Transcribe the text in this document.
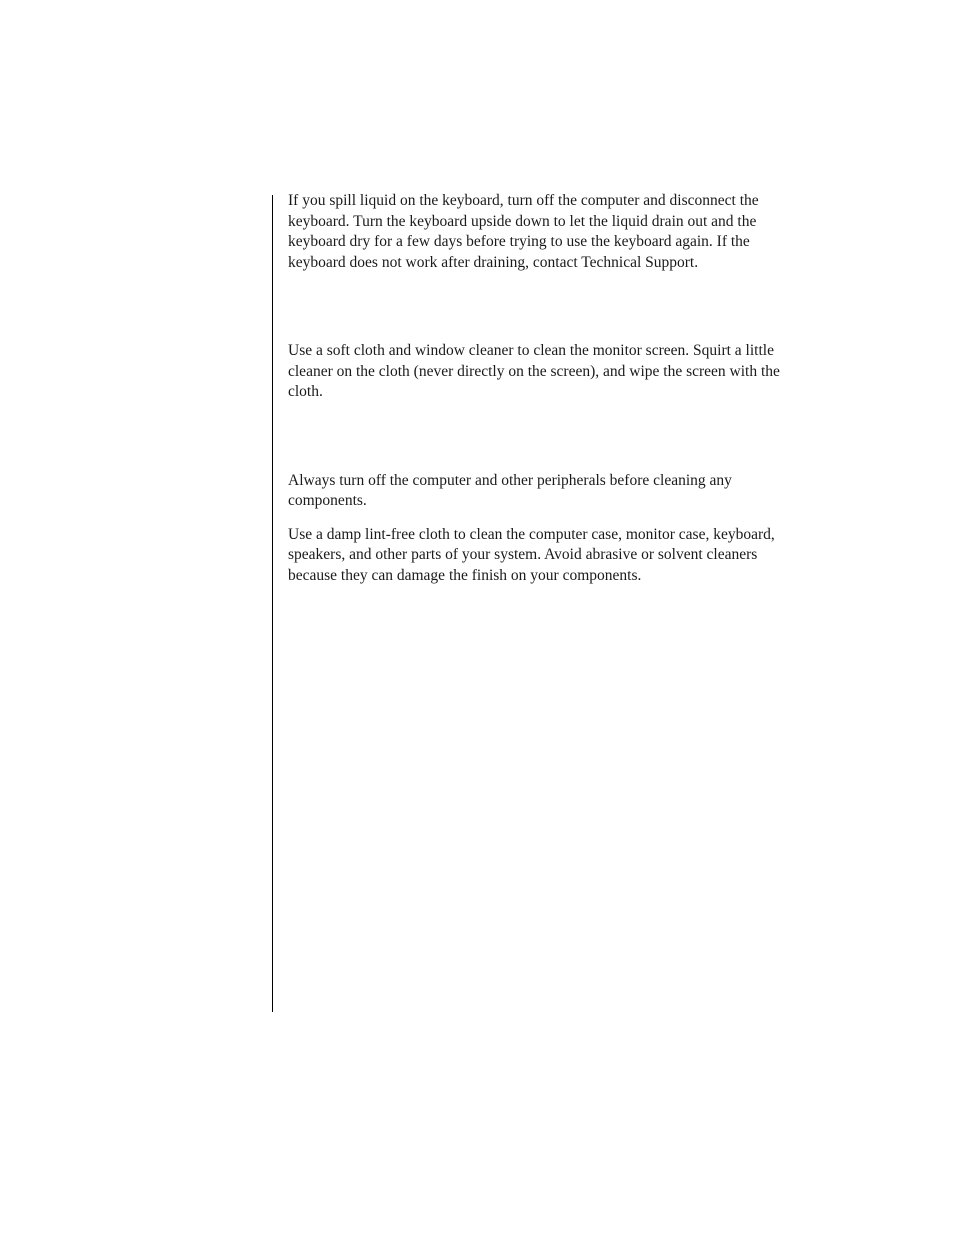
If you spill liquid on the keyboard, turn off the computer and disconnect the keyboard. Turn the keyboard upside down to let the liquid drain out and the keyboard dry for a few days before trying to use the keyboard again. If the keyboard does not work after draining, contact Technical Support.

Use a soft cloth and window cleaner to clean the monitor screen. Squirt a little cleaner on the cloth (never directly on the screen), and wipe the screen with the cloth.

Always turn off the computer and other peripherals before cleaning any components.

Use a damp lint-free cloth to clean the computer case, monitor case, keyboard, speakers, and other parts of your system. Avoid abrasive or solvent cleaners because they can damage the finish on your components.
